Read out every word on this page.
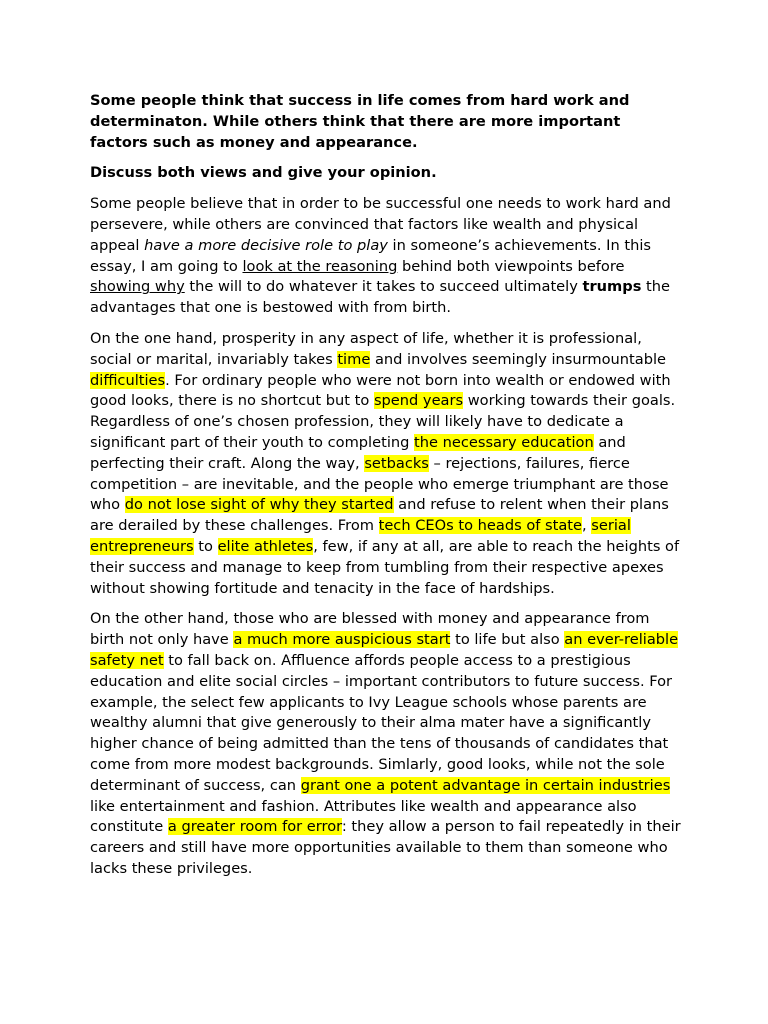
Some people think that success in life comes from hard work and determinaton. While others think that there are more important factors such as money and appearance.

Discuss both views and give your opinion.

Some people believe that in order to be successful one needs to work hard and persevere, while others are convinced that factors like wealth and physical appeal have a more decisive role to play in someone’s achievements. In this essay, I am going to look at the reasoning behind both viewpoints before showing why the will to do whatever it takes to succeed ultimately trumps the advantages that one is bestowed with from birth.

On the one hand, prosperity in any aspect of life, whether it is professional, social or marital, invariably takes time and involves seemingly insurmountable difficulties. For ordinary people who were not born into wealth or endowed with good looks, there is no shortcut but to spend years working towards their goals. Regardless of one’s chosen profession, they will likely have to dedicate a significant part of their youth to completing the necessary education and perfecting their craft. Along the way, setbacks – rejections, failures, fierce competition – are inevitable, and the people who emerge triumphant are those who do not lose sight of why they started and refuse to relent when their plans are derailed by these challenges. From tech CEOs to heads of state, serial entrepreneurs to elite athletes, few, if any at all, are able to reach the heights of their success and manage to keep from tumbling from their respective apexes without showing fortitude and tenacity in the face of hardships.

On the other hand, those who are blessed with money and appearance from birth not only have a much more auspicious start to life but also an ever-reliable safety net to fall back on. Affluence affords people access to a prestigious education and elite social circles – important contributors to future success. For example, the select few applicants to Ivy League schools whose parents are wealthy alumni that give generously to their alma mater have a significantly higher chance of being admitted than the tens of thousands of candidates that come from more modest backgrounds. Simlarly, good looks, while not the sole determinant of success, can grant one a potent advantage in certain industries like entertainment and fashion. Attributes like wealth and appearance also constitute a greater room for error: they allow a person to fail repeatedly in their careers and still have more opportunities available to them than someone who lacks these privileges.
